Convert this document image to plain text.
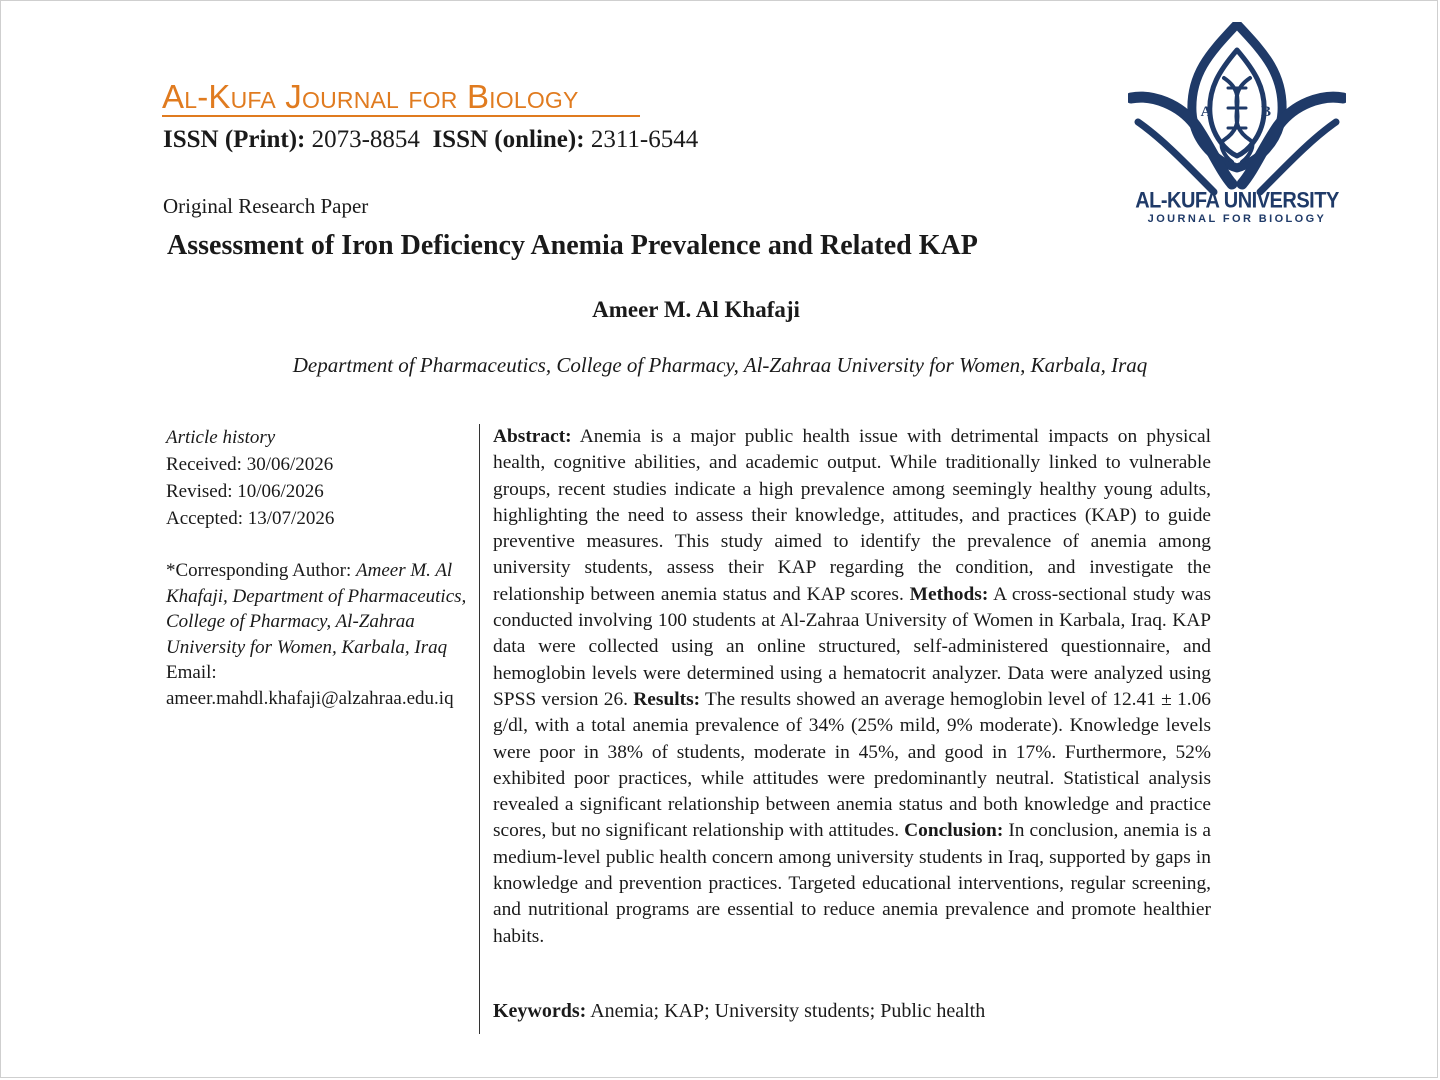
Al-Kufa Journal for Biology
ISSN (Print): 2073-8854 ISSN (online): 2311-6544
Original Research Paper
Assessment of Iron Deficiency Anemia Prevalence and Related KAP
Ameer M. Al Khafaji
Department of Pharmaceutics, College of Pharmacy, Al-Zahraa University for Women, Karbala, Iraq
A	B
AL-KUFA UNIVERSITY
JOURNAL FOR BIOLOGY
Article history
Received: 30/06/2026
Revised: 10/06/2026
Accepted: 13/07/2026
*Corresponding Author: Ameer M. Al Khafaji, Department of Pharmaceutics, College of Pharmacy, Al-Zahraa University for Women, Karbala, Iraq
Email:
ameer.mahdl.khafaji@alzahraa.edu.iq
Abstract: Anemia is a major public health issue with detrimental impacts on physical health, cognitive abilities, and academic output. While traditionally linked to vulnerable groups, recent studies indicate a high prevalence among seemingly healthy young adults, highlighting the need to assess their knowledge, attitudes, and practices (KAP) to guide preventive measures. This study aimed to identify the prevalence of anemia among university students, assess their KAP regarding the condition, and investigate the relationship between anemia status and KAP scores. Methods: A cross-sectional study was conducted involving 100 students at Al-Zahraa University of Women in Karbala, Iraq. KAP data were collected using an online structured, self-administered questionnaire, and hemoglobin levels were determined using a hematocrit analyzer. Data were analyzed using SPSS version 26. Results: The results showed an average hemoglobin level of 12.41 ± 1.06 g/dl, with a total anemia prevalence of 34% (25% mild, 9% moderate). Knowledge levels were poor in 38% of students, moderate in 45%, and good in 17%. Furthermore, 52% exhibited poor practices, while attitudes were predominantly neutral. Statistical analysis revealed a significant relationship between anemia status and both knowledge and practice scores, but no significant relationship with attitudes. Conclusion: In conclusion, anemia is a medium-level public health concern among university students in Iraq, supported by gaps in knowledge and prevention practices. Targeted educational interventions, regular screening, and nutritional programs are essential to reduce anemia prevalence and promote healthier habits.
Keywords: Anemia; KAP; University students; Public health
